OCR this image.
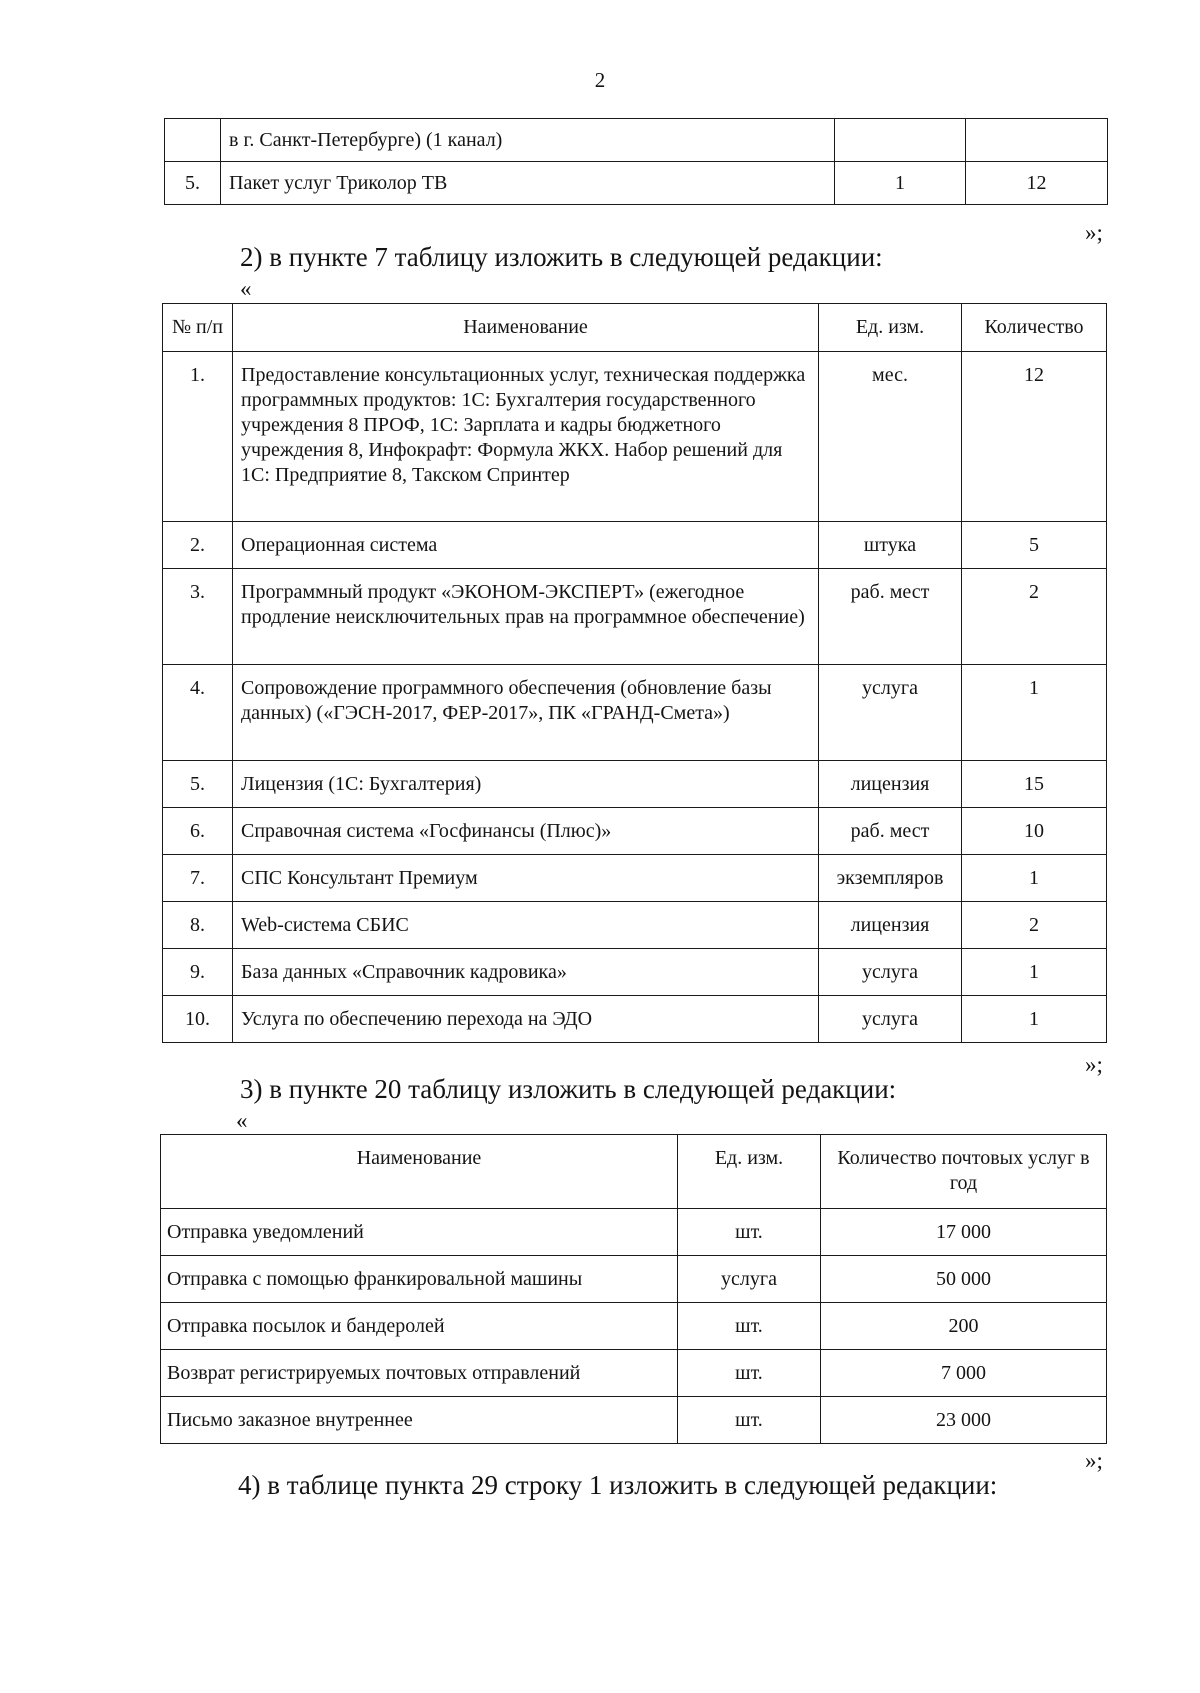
2

	в г. Санкт-Петербурге) (1 канал)		

5.	Пакет услуг Триколор ТВ	1	12
»;
2) в пункте 7 таблицу изложить в следующей редакции:
«
№ п/п	Наименование	Ед. изм.	Количество

1.	Предоставление консультационных услуг, техническая поддержка программных продуктов: 1С: Бухгалтерия государственного учреждения 8 ПРОФ, 1С: Зарплата и кадры бюджетного учреждения 8, Инфокрафт: Формула ЖКХ. Набор решений для 1С: Предприятие 8, Такском Спринтер	мес.	12

2.	Операционная система	штука	5

3.	Программный продукт «ЭКОНОМ-ЭКСПЕРТ» (ежегодное продление неисключительных прав на программное обеспечение)	раб. мест	2

4.	Сопровождение программного обеспечения (обновление базы данных) («ГЭСН-2017, ФЕР-2017», ПК «ГРАНД-Смета»)	услуга	1

5.	Лицензия (1С: Бухгалтерия)	лицензия	15

6.	Справочная система «Госфинансы (Плюс)»	раб. мест	10

7.	СПС Консультант Премиум	экземпляров	1

8.	Web-система СБИС	лицензия	2

9.	База данных «Справочник кадровика»	услуга	1

10.	Услуга по обеспечению перехода на ЭДО	услуга	1
»;
3) в пункте 20 таблицу изложить в следующей редакции:
«
Наименование	Ед. изм.	Количество почтовых услуг в год

Отправка уведомлений	шт.	17 000

Отправка с помощью франкировальной машины	услуга	50 000

Отправка посылок и бандеролей	шт.	200

Возврат регистрируемых почтовых отправлений	шт.	7 000

Письмо заказное внутреннее	шт.	23 000
»;
4) в таблице пункта 29 строку 1 изложить в следующей редакции:
